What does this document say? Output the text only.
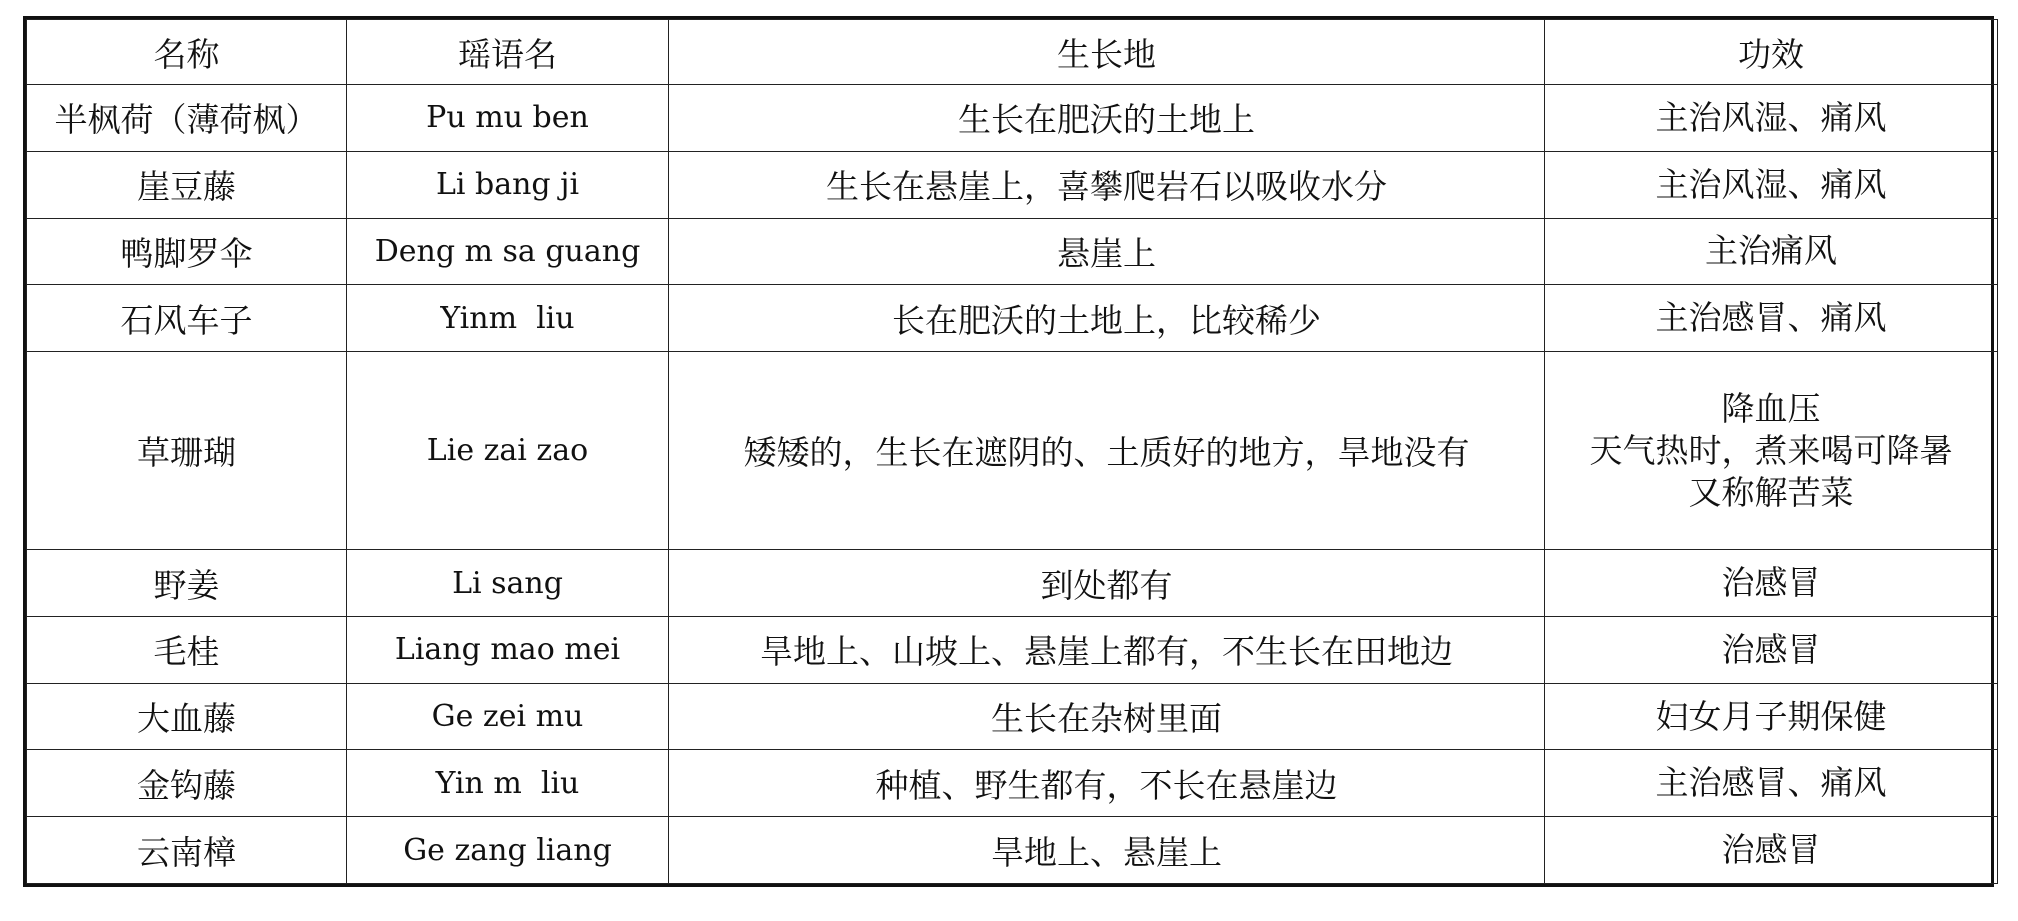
名称	瑶语名	生长地	功效
半枫荷（薄荷枫）	Pu mu ben	生长在肥沃的土地上	主治风湿、痛风

崖豆藤	Li bang ji	生长在悬崖上，喜攀爬岩石以吸收水分	主治风湿、痛风

鸭脚罗伞	Deng m sa guang	悬崖上	主治痛风

石风车子	Yinm  liu	长在肥沃的土地上，比较稀少	主治感冒、痛风

草珊瑚	Lie zai zao	矮矮的，生长在遮阴的、土质好的地方，旱地没有	降血压
天气热时，煮来喝可降暑
又称解苦菜

野姜	Li sang	到处都有	治感冒

毛桂	Liang mao mei	旱地上、山坡上、悬崖上都有，不生长在田地边	治感冒

大血藤	Ge zei mu	生长在杂树里面	妇女月子期保健

金钩藤	Yin m  liu	种植、野生都有，不长在悬崖边	主治感冒、痛风

云南樟	Ge zang liang	旱地上、悬崖上	治感冒
